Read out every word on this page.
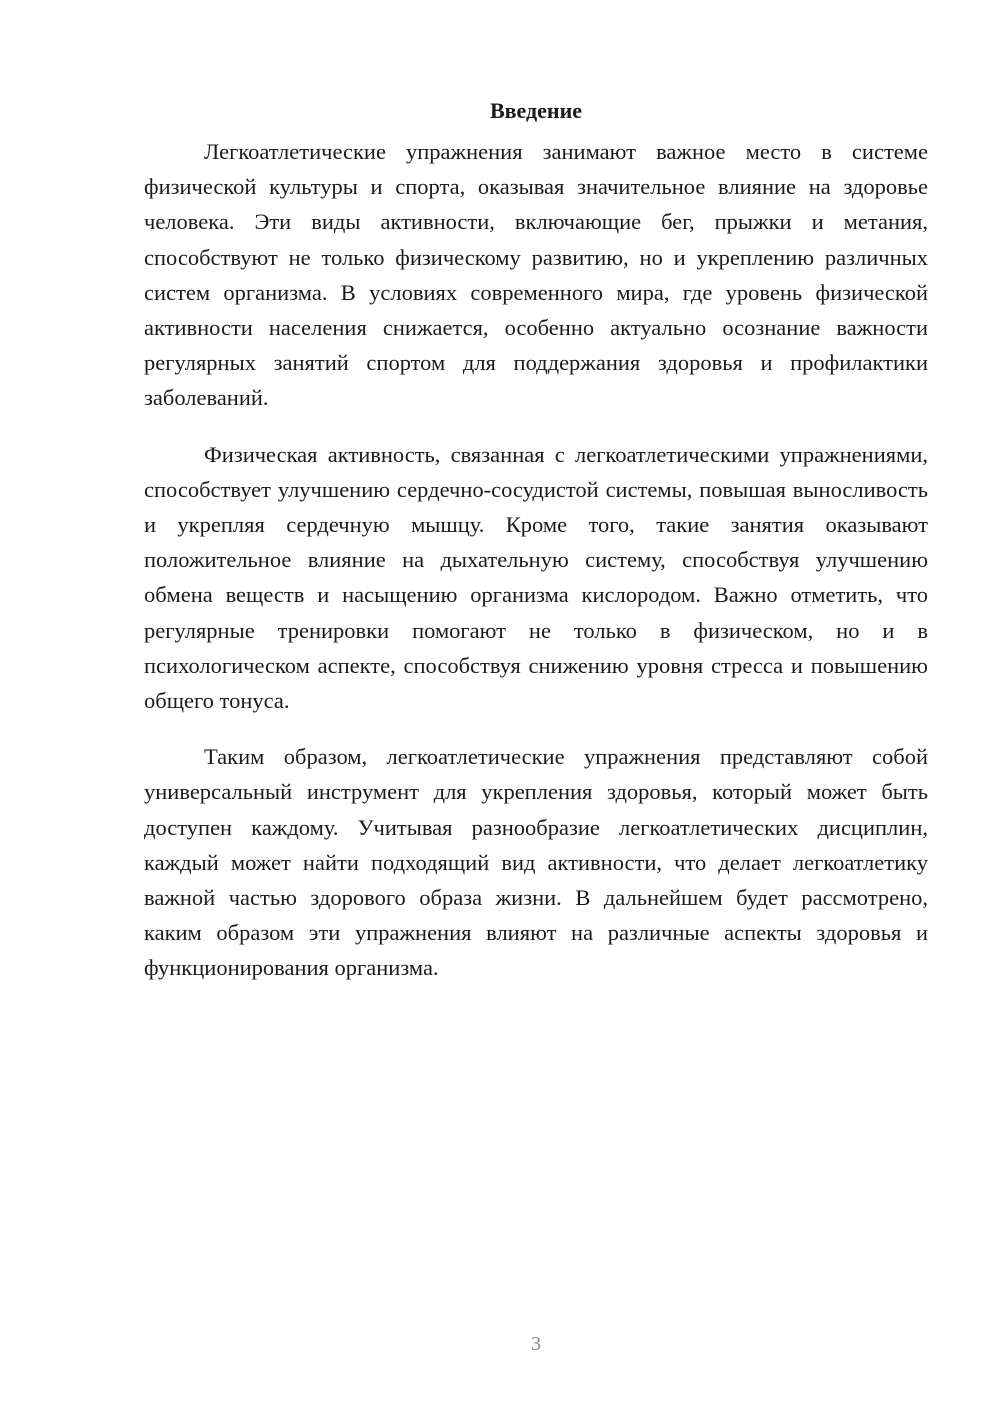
Введение

Легкоатлетические упражнения занимают важное место в системе физической культуры и спорта, оказывая значительное влияние на здоровье человека. Эти виды активности, включающие бег, прыжки и метания, способствуют не только физическому развитию, но и укреплению различных систем организма. В условиях современного мира, где уровень физической активности населения снижается, особенно актуально осознание важности регулярных занятий спортом для поддержания здоровья и профилактики заболеваний.

Физическая активность, связанная с легкоатлетическими упражнениями, способствует улучшению сердечно-сосудистой системы, повышая выносливость и укрепляя сердечную мышцу. Кроме того, такие занятия оказывают положительное влияние на дыхательную систему, способствуя улучшению обмена веществ и насыщению организма кислородом. Важно отметить, что регулярные тренировки помогают не только в физическом, но и в психологическом аспекте, способствуя снижению уровня стресса и повышению общего тонуса.

Таким образом, легкоатлетические упражнения представляют собой универсальный инструмент для укрепления здоровья, который может быть доступен каждому. Учитывая разнообразие легкоатлетических дисциплин, каждый может найти подходящий вид активности, что делает легкоатлетику важной частью здорового образа жизни. В дальнейшем будет рассмотрено, каким образом эти упражнения влияют на различные аспекты здоровья и функционирования организма.

3
